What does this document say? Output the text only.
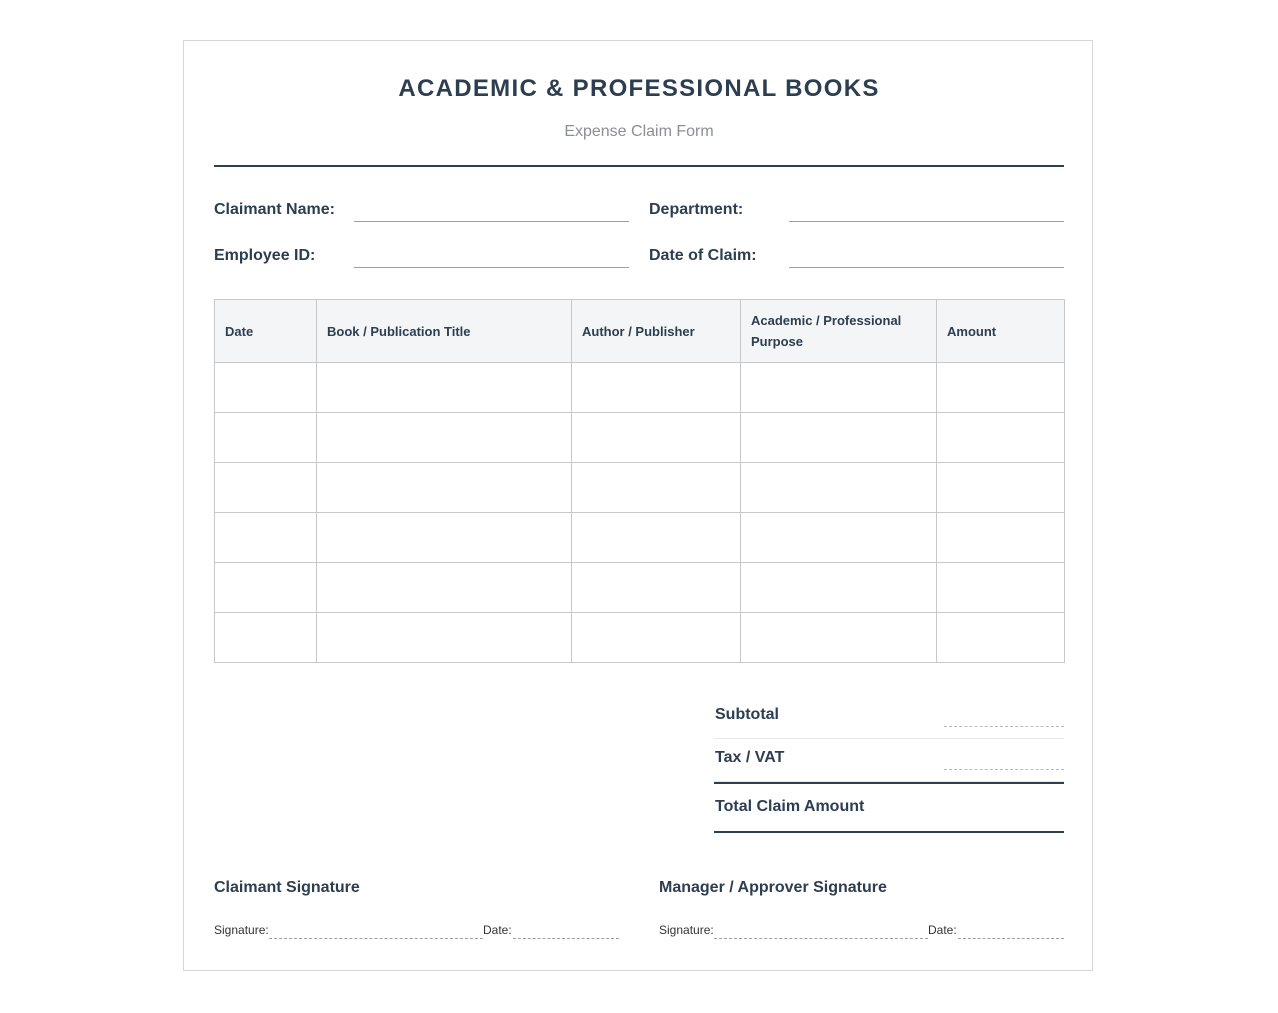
ACADEMIC & PROFESSIONAL BOOKS
Expense Claim Form
Claimant Name:	Department:
Employee ID:	Date of Claim:
Date	Book / Publication Title	Author / Publisher	Academic / Professional Purpose	Amount

Subtotal
Tax / VAT
Total Claim Amount
Claimant Signature
Signature:	Date:
Manager / Approver Signature
Signature:	Date:
